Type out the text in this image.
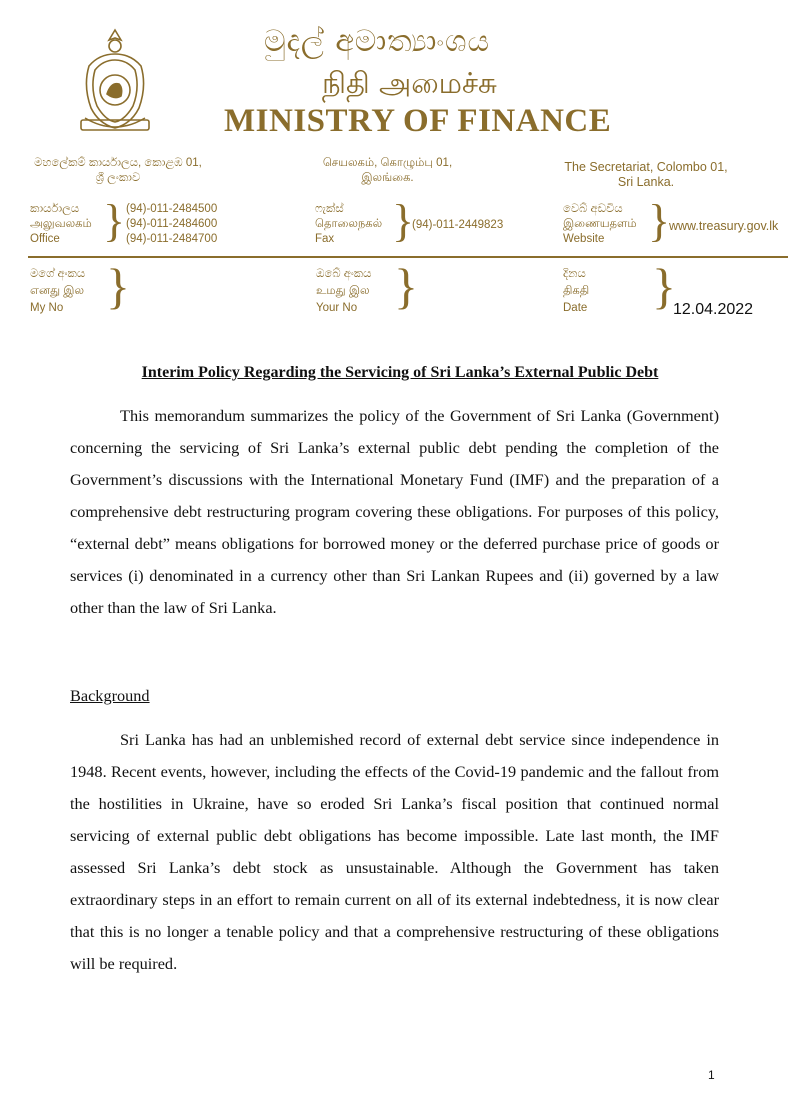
මුදල් අමාත්‍යාංශය
நிதி அமைச்சு
MINISTRY OF FINANCE
මහලේකම් කාර්යාලය, කොළඹ 01,
ශ්‍රී ලංකාව
செயலகம், கொழும்பு 01,
இலங்கை.
The Secretariat, Colombo 01,
Sri Lanka.
කාර්යාලය
அலுவலகம்
Office } (94)-011-2484500
(94)-011-2484600
(94)-011-2484700
ෆැක්ස්
தொலைநகல்
Fax	}
(94)-011-2449823
වෙබ් අඩවිය
இணையதளம்
Website }
www.treasury.gov.lk
මගේ අංකය
எனது இல
My No }	ඔබේ අංකය
உமது இல
Your No }	දිනය
திகதி
Date }
12.04.2022
Interim Policy Regarding the Servicing of Sri Lanka’s External Public Debt
This memorandum summarizes the policy of the Government of Sri Lanka (Government) concerning the servicing of Sri Lanka’s external public debt pending the completion of the Government’s discussions with the International Monetary Fund (IMF) and the preparation of a comprehensive debt restructuring program covering these obligations. For purposes of this policy, “external debt” means obligations for borrowed money or the deferred purchase price of goods or services (i) denominated in a currency other than Sri Lankan Rupees and (ii) governed by a law other than the law of Sri Lanka.
Background
Sri Lanka has had an unblemished record of external debt service since independence in 1948. Recent events, however, including the effects of the Covid-19 pandemic and the fallout from the hostilities in Ukraine, have so eroded Sri Lanka’s fiscal position that continued normal servicing of external public debt obligations has become impossible. Late last month, the IMF assessed Sri Lanka’s debt stock as unsustainable. Although the Government has taken extraordinary steps in an effort to remain current on all of its external indebtedness, it is now clear that this is no longer a tenable policy and that a comprehensive restructuring of these obligations will be required.
1
